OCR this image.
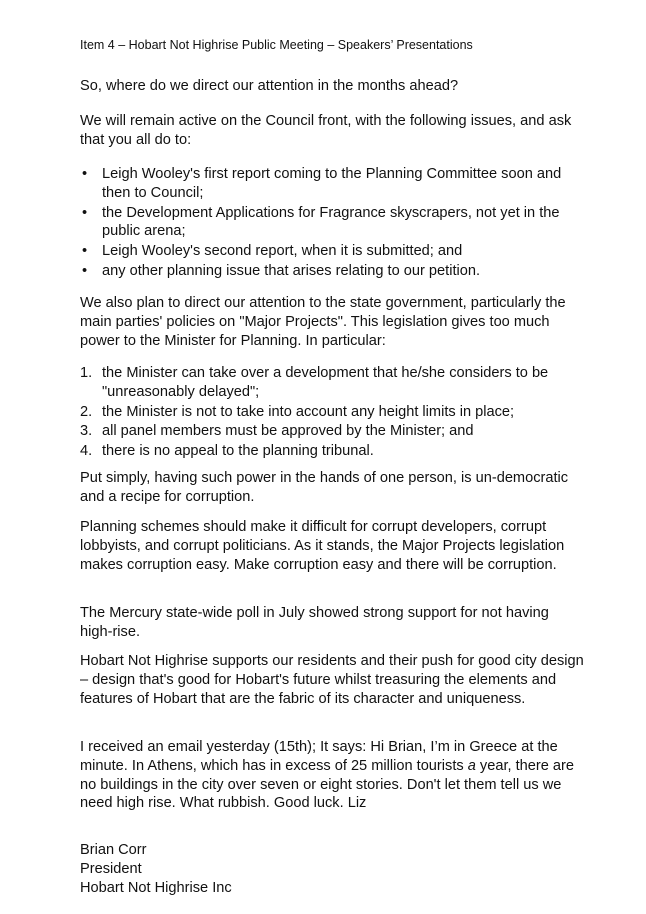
Item 4 – Hobart Not Highrise Public Meeting – Speakers’ Presentations

So, where do we direct our attention in the months ahead?

We will remain active on the Council front, with the following issues, and ask that you all do to:

• Leigh Wooley's first report coming to the Planning Committee soon and then to Council;
• the Development Applications for Fragrance skyscrapers, not yet in the public arena;
• Leigh Wooley's second report, when it is submitted; and
• any other planning issue that arises relating to our petition.

We also plan to direct our attention to the state government, particularly the main parties' policies on "Major Projects". This legislation gives too much power to the Minister for Planning. In particular:

1. the Minister can take over a development that he/she considers to be "unreasonably delayed";
2. the Minister is not to take into account any height limits in place;
3. all panel members must be approved by the Minister; and
4. there is no appeal to the planning tribunal.

Put simply, having such power in the hands of one person, is un-democratic and a recipe for corruption.

Planning schemes should make it difficult for corrupt developers, corrupt lobbyists, and corrupt politicians. As it stands, the Major Projects legislation makes corruption easy. Make corruption easy and there will be corruption.

The Mercury state-wide poll in July showed strong support for not having high-rise.

Hobart Not Highrise supports our residents and their push for good city design – design that's good for Hobart's future whilst treasuring the elements and features of Hobart that are the fabric of its character and uniqueness.

I received an email yesterday (15th); It says: Hi Brian, I’m in Greece at the minute. In Athens, which has in excess of 25 million tourists a year, there are no buildings in the city over seven or eight stories. Don't let them tell us we need high rise. What rubbish. Good luck. Liz

Brian Corr
President
Hobart Not Highrise Inc
